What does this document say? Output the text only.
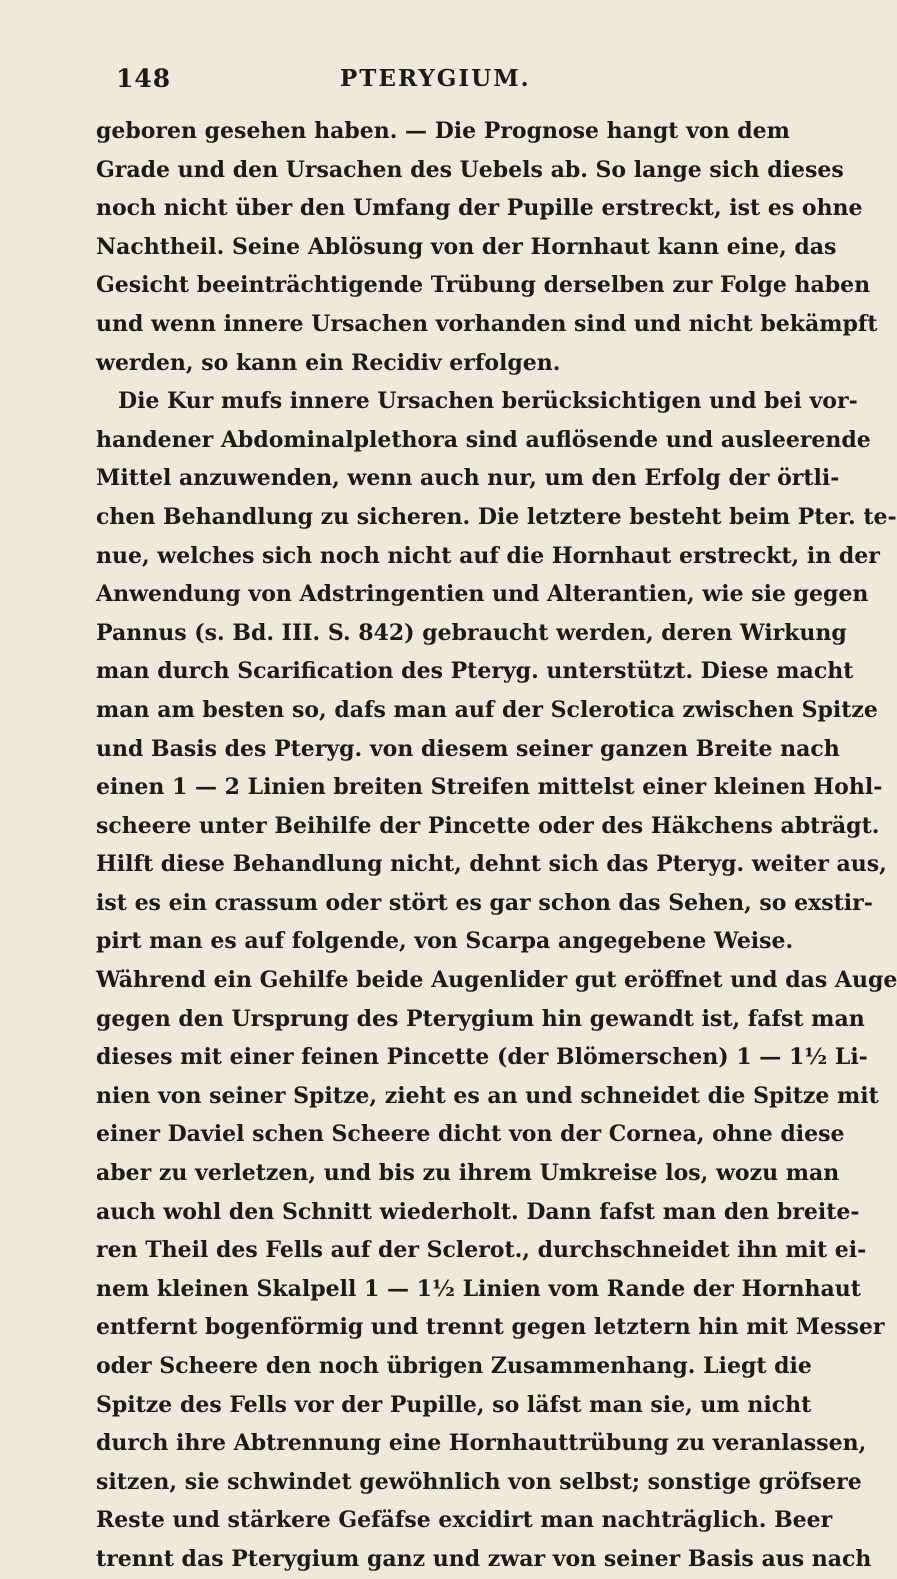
148	PTERYGIUM.
geboren gesehen haben. — Die Prognose hangt von dem
Grade und den Ursachen des Uebels ab. So lange sich dieses
noch nicht über den Umfang der Pupille erstreckt, ist es ohne
Nachtheil. Seine Ablösung von der Hornhaut kann eine, das
Gesicht beeinträchtigende Trübung derselben zur Folge haben
und wenn innere Ursachen vorhanden sind und nicht bekämpft
werden, so kann ein Recidiv erfolgen.
Die Kur mufs innere Ursachen berücksichtigen und bei vor-
handener Abdominalplethora sind auflösende und ausleerende
Mittel anzuwenden, wenn auch nur, um den Erfolg der örtli-
chen Behandlung zu sicheren. Die letztere besteht beim Pter. te-
nue, welches sich noch nicht auf die Hornhaut erstreckt, in der
Anwendung von Adstringentien und Alterantien, wie sie gegen
Pannus (s. Bd. III. S. 842) gebraucht werden, deren Wirkung
man durch Scarification des Pteryg. unterstützt. Diese macht
man am besten so, dafs man auf der Sclerotica zwischen Spitze
und Basis des Pteryg. von diesem seiner ganzen Breite nach
einen 1 — 2 Linien breiten Streifen mittelst einer kleinen Hohl-
scheere unter Beihilfe der Pincette oder des Häkchens abträgt.
Hilft diese Behandlung nicht, dehnt sich das Pteryg. weiter aus,
ist es ein crassum oder stört es gar schon das Sehen, so exstir-
pirt man es auf folgende, von Scarpa angegebene Weise.
Während ein Gehilfe beide Augenlider gut eröffnet und das Auge
gegen den Ursprung des Pterygium hin gewandt ist, fafst man
dieses mit einer feinen Pincette (der Blömerschen) 1 — 1½ Li-
nien von seiner Spitze, zieht es an und schneidet die Spitze mit
einer Daviel schen Scheere dicht von der Cornea, ohne diese
aber zu verletzen, und bis zu ihrem Umkreise los, wozu man
auch wohl den Schnitt wiederholt. Dann fafst man den breite-
ren Theil des Fells auf der Sclerot., durchschneidet ihn mit ei-
nem kleinen Skalpell 1 — 1½ Linien vom Rande der Hornhaut
entfernt bogenförmig und trennt gegen letztern hin mit Messer
oder Scheere den noch übrigen Zusammenhang. Liegt die
Spitze des Fells vor der Pupille, so läfst man sie, um nicht
durch ihre Abtrennung eine Hornhauttrübung zu veranlassen,
sitzen, sie schwindet gewöhnlich von selbst; sonstige gröfsere
Reste und stärkere Gefäfse excidirt man nachträglich. Beer
trennt das Pterygium ganz und zwar von seiner Basis aus nach
